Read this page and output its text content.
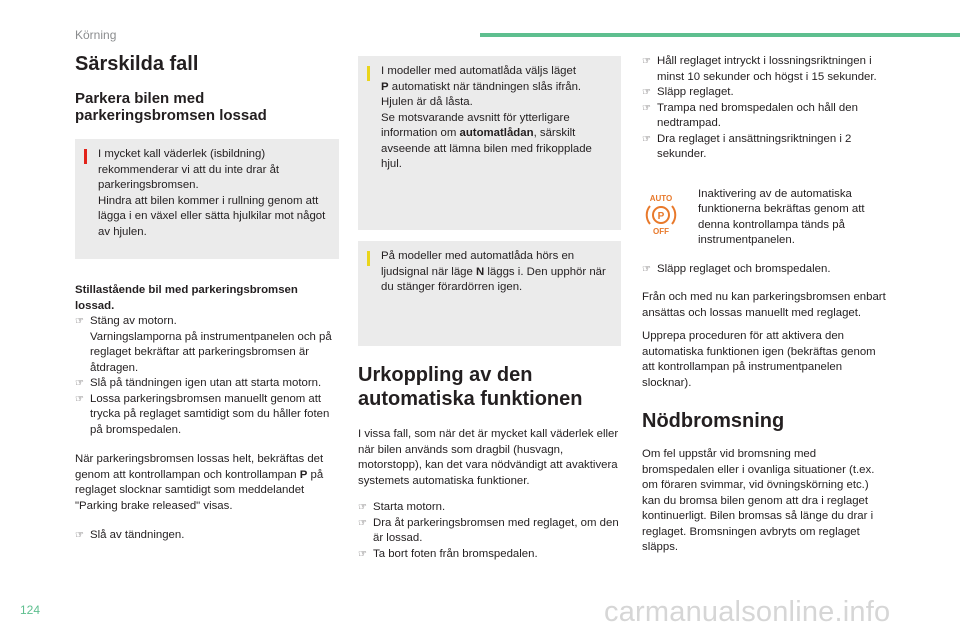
Körning
Särskilda fall
Parkera bilen med parkeringsbromsen lossad
I mycket kall väderlek (isbildning) rekommenderar vi att du inte drar åt parkeringsbromsen.
Hindra att bilen kommer i rullning genom att lägga i en växel eller sätta hjulkilar mot något av hjulen.
Stillastående bil med parkeringsbromsen lossad.
☞ Stäng av motorn.
Varningslamporna på instrumentpanelen och på reglaget bekräftar att parkeringsbromsen är åtdragen.
☞ Slå på tändningen igen utan att starta motorn.
☞ Lossa parkeringsbromsen manuellt genom att trycka på reglaget samtidigt som du håller foten på bromspedalen.
När parkeringsbromsen lossas helt, bekräftas det genom att kontrollampan och kontrollampan P på reglaget slocknar samtidigt som meddelandet "Parking brake released" visas.
☞ Slå av tändningen.
I modeller med automatlåda väljs läget
P automatiskt när tändningen slås ifrån. Hjulen är då låsta.
Se motsvarande avsnitt för ytterligare information om automatlådan, särskilt avseende att lämna bilen med frikopplade hjul.
På modeller med automatlåda hörs en ljudsignal när läge N läggs i. Den upphör när du stänger förardörren igen.
Urkoppling av den automatiska funktionen
I vissa fall, som när det är mycket kall väderlek eller när bilen används som dragbil (husvagn, motorstopp), kan det vara nödvändigt att avaktivera systemets automatiska funktioner.
☞ Starta motorn.
☞ Dra åt parkeringsbromsen med reglaget, om den är lossad.
☞ Ta bort foten från bromspedalen.
☞ Håll reglaget intryckt i lossningsriktningen i minst 10 sekunder och högst i 15 sekunder.
☞ Släpp reglaget.
☞ Trampa ned bromspedalen och håll den nedtrampad.
☞ Dra reglaget i ansättningsriktningen i 2 sekunder.
AUTO
P
OFF
Inaktivering av de automatiska funktionerna bekräftas genom att denna kontrollampa tänds på instrumentpanelen.
☞ Släpp reglaget och bromspedalen.
Från och med nu kan parkeringsbromsen enbart ansättas och lossas manuellt med reglaget.
Upprepa proceduren för att aktivera den automatiska funktionen igen (bekräftas genom att kontrollampan på instrumentpanelen slocknar).
Nödbromsning
Om fel uppstår vid bromsning med bromspedalen eller i ovanliga situationer (t.ex. om föraren svimmar, vid övningskörning etc.) kan du bromsa bilen genom att dra i reglaget kontinuerligt. Bilen bromsas så länge du drar i reglaget. Bromsningen avbryts om reglaget släpps.
124	carmanualsonline.info
